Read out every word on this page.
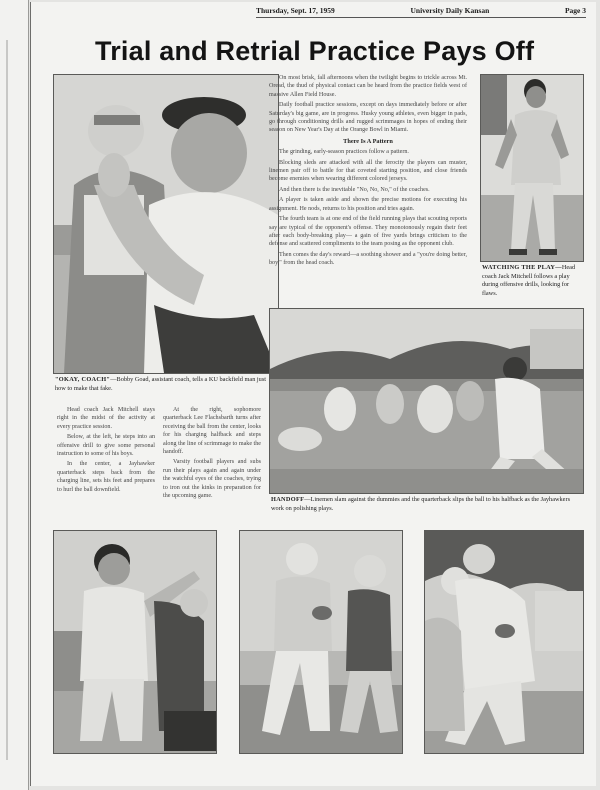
Thursday, Sept. 17, 1959	University Daily Kansan	Page 3
Trial and Retrial Practice Pays Off
"OKAY, COACH"—Bobby Goad, assistant coach, tells a KU backfield man just how to make that fake.

On most brisk, fall afternoons when the twilight begins to trickle across Mt. Oread, the thud of physical contact can be heard from the practice fields west of massive Allen Field House.

Daily football practice sessions, except on days immediately before or after Saturday's big game, are in progress. Husky young athletes, even bigger in pads, go through conditioning drills and rugged scrimmages in hopes of ending their season on New Year's Day at the Orange Bowl in Miami.

There Is A Pattern

The grinding, early-season practices follow a pattern.

Blocking sleds are attacked with all the ferocity the players can muster, linemen pair off to battle for that coveted starting position, and close friends become enemies when wearing different colored jerseys.

And then there is the inevitable "No, No, No," of the coaches.

A player is taken aside and shown the precise motions for executing his assignment. He nods, returns to his position and tries again.

The fourth team is at one end of the field running plays that scouting reports say are typical of the opponent's offense. They monotonously regain their feet after each body-breaking play— a gain of five yards brings criticism to the defense and scattered compliments to the team posing as the opponent club.

Then comes the day's reward—a soothing shower and a "you're doing better, boy," from the head coach.

WATCHING THE PLAY—Head coach Jack Mitchell follows a play during offensive drills, looking for flaws.
HANDOFF—Linemen slam against the dummies and the quarterback slips the ball to his halfback as the Jayhawkers work on polishing plays.

Head coach Jack Mitchell stays right in the midst of the activity at every practice session.

Below, at the left, he steps into an offensive drill to give some personal instruction to some of his boys.

In the center, a Jayhawker quarterback steps back from the charging line, sets his feet and prepares to hurl the ball downfield.

At the right, sophomore quarterback Lee Flachsbarth turns after receiving the ball from the center, looks for his charging halfback and steps along the line of scrimmage to make the handoff.

Varsity football players and subs run their plays again and again under the watchful eyes of the coaches, trying to iron out the kinks in preparation for the upcoming game.
